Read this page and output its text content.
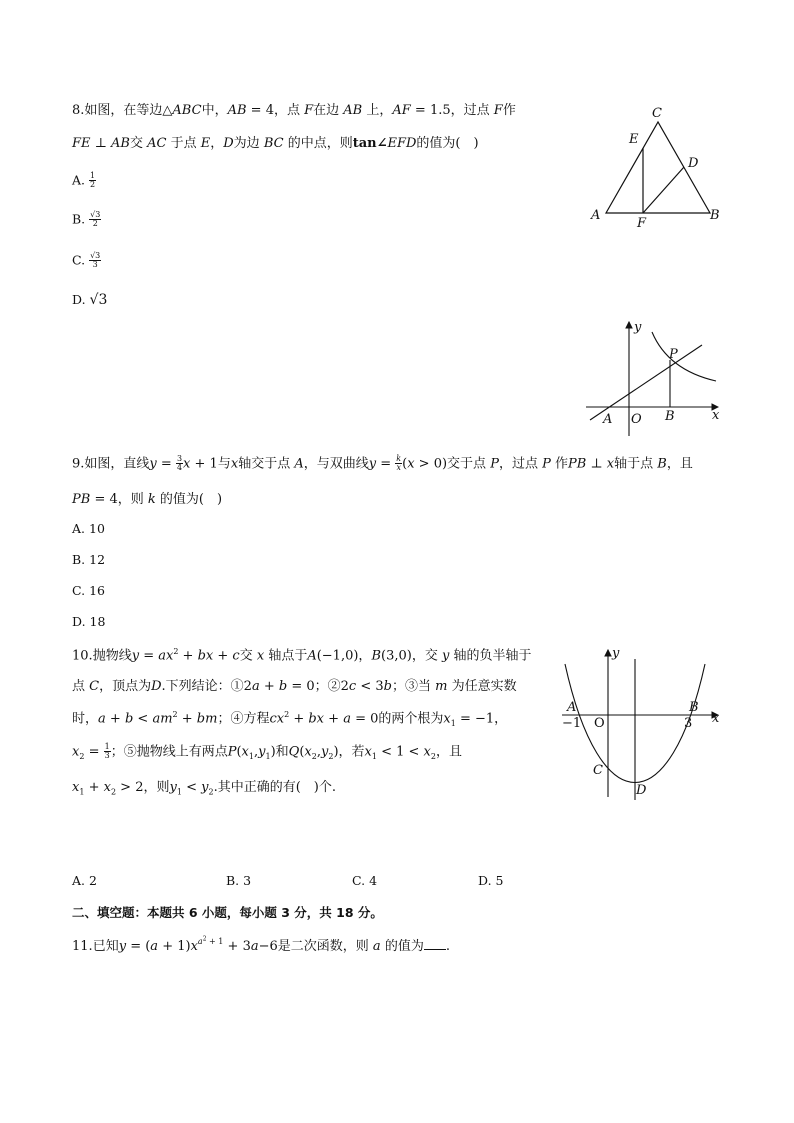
8.如图，在等边△ABC中，AB = 4，点 F在边 AB 上，AF = 1.5，过点 F作
FE ⊥ AB交 AC 于点 E，D为边 BC 的中点，则tan∠EFD的值为(　)
A. $\frac{1}{2}$
B. $\frac{√3}{2}$
C. $\frac{√3}{3}$
D. √3
A	B
C
D
E
F
y
x
P
O
A	B
9.如图，直线$y = \frac{3}{4}$ x + 1与x轴交于点 A，与双曲线$y = \frac{k}{x} (x > 0)$交于点 P，过点 P 作PB ⊥ x轴于点 B，且
PB = 4，则 k 的值为(　)
A. 10
B. 12
C. 16
D. 18
10.抛物线$y = ax^2$ + bx + c交 x 轴点于A(−1,0)，B(3,0)，交 y 轴的负半轴于
点 C，顶点为D.下列结论：①2a + b = 0；②2c < 3b；③当 m 为任意实数
时，$a + b < am^2$ + bm；④方程$cx^2$ + bx + a = 0的两个根为$x_1 = -1$，
$x_2 = \frac{1}{3}$ ；⑤抛物线上有两点$P(x_1,y_1)$和$Q(x_2,y_2)$，若$x_1 < 1 < x_2$，且
$x_1 + x_2 > 2$，则$y_1 < y_2$.其中正确的有(　)个.
y
x
A	B
C
D
O
−1	3
A. 2	B. 3	C. 4	D. 5
二、填空题：本题共 6 小题，每小题 3 分，共 18 分。
11.已知$y = (a + 1)x^{a^2 + 1} + 3a-6$是二次函数，则 a 的值为 .
